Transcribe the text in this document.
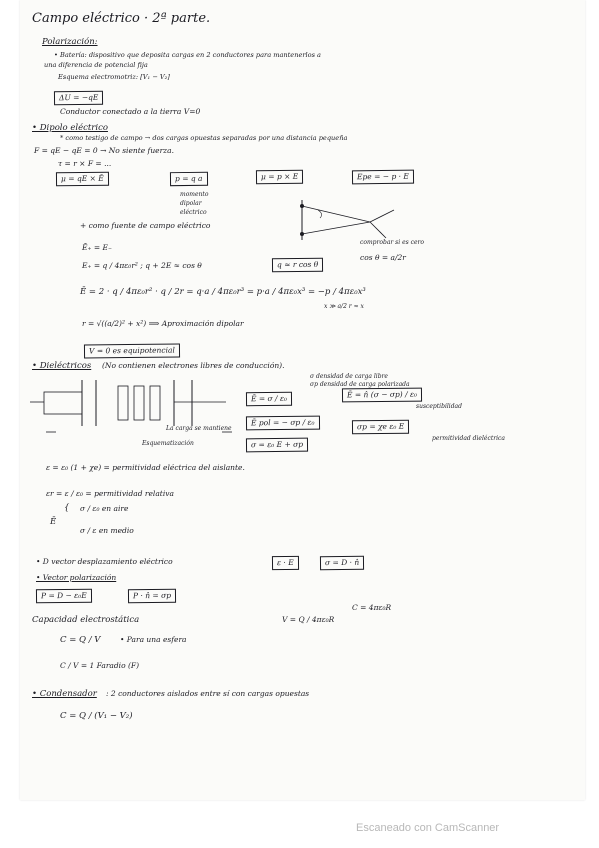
Campo eléctrico · 2ª parte.
Polarización:
• Batería: dispositivo que deposita cargas en 2 conductores para mantenerlos a
una diferencia de potencial fija
Esquema electromotriz: [V₁ − V₂]
ΔU = −qE
Conductor conectado a la tierra V=0
• Dipolo eléctrico
* como testigo de campo → dos cargas opuestas separadas por una distancia pequeña
F = qE − qE = 0 → No siente fuerza.
τ = r × F = ...
μ = qE × Ē	p = q a	μ = p × E	Epe = − p · E
momento
dipolar
eléctrico
+ como fuente de campo eléctrico
Ē₊ = E₋
E₊ = q / 4πε₀r² ; q + 2E ≈ cos θ	q ≈ r cos θ
cos θ = a/2r
comprobar si es cero
Ē = 2 · q / 4πε₀r² · q / 2r = q·a / 4πε₀r³ = p·a / 4πε₀x³ = −p / 4πε₀x³
x ≫ a/2 r ≈ x
r = √((a/2)² + x²) ⟹ Aproximación dipolar
V = 0 es equipotencial
• Dieléctricos (No contienen electrones libres de conducción).
σ densidad de carga libre
σp densidad de carga polarizada
La carga se mantiene
Esquematización
Ē = σ / ε₀	Ē = n̂ (σ − σp) / ε₀
Ē pol = − σp / ε₀
σ = ε₀ E + σp
σp = χe ε₀ E
susceptibilidad
permitividad dieléctrica
ε = ε₀ (1 + χe) = permitividad eléctrica del aislante.
εr = ε / ε₀ = permitividad relativa
Ē
{ σ / ε₀ en aire
σ / ε en medio
• D vector desplazamiento eléctrico	ε · E	σ = D · n̂
• Vector polarización
P = D − ε₀E	P · n̂ = σp
Capacidad electrostática	V = Q / 4πε₀R
C = 4πε₀R
C = Q / V	• Para una esfera
C / V = 1 Faradio (F)
• Condensador : 2 conductores aislados entre sí con cargas opuestas
C = Q / (V₁ − V₂)
Escaneado con CamScanner
